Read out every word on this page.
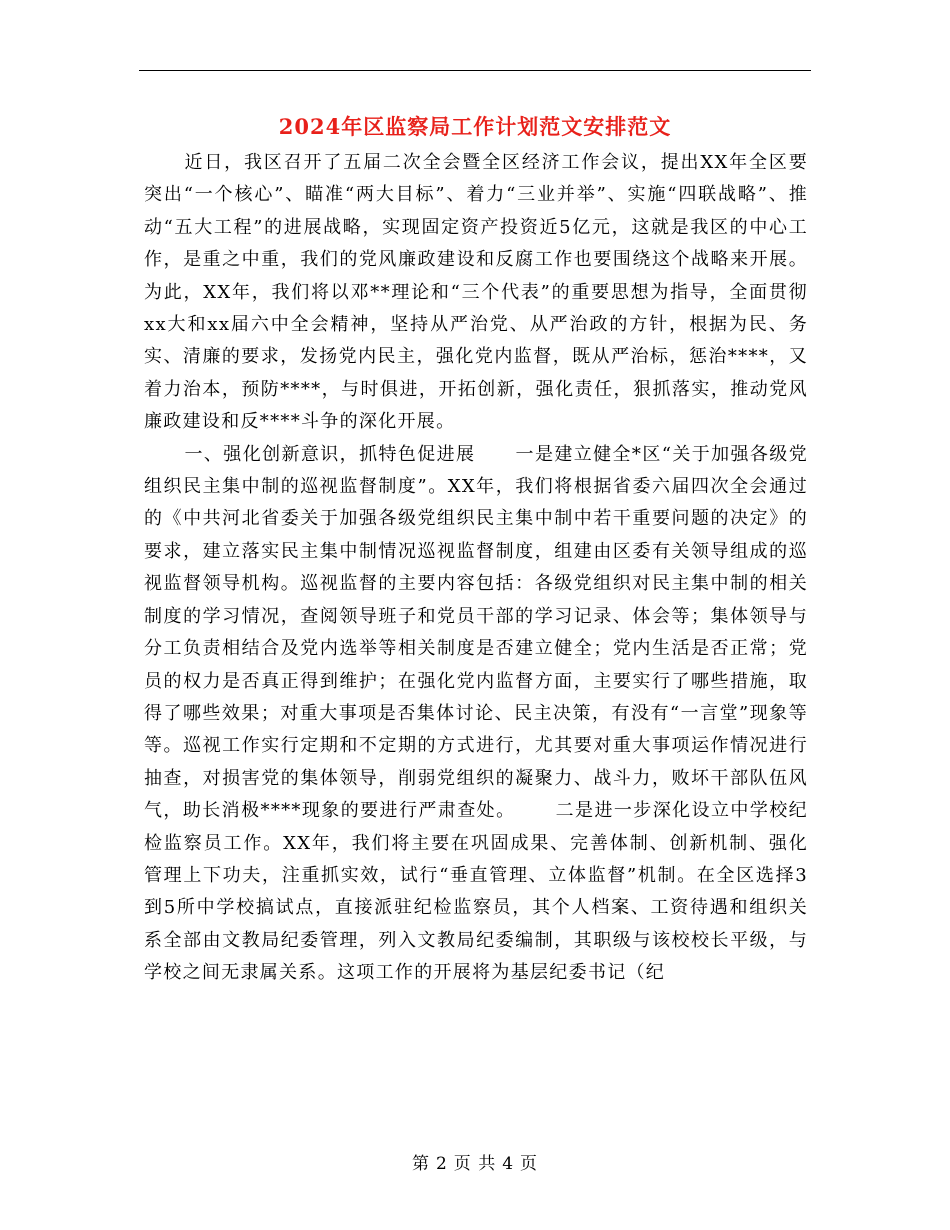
2024年区监察局工作计划范文安排范文

近日，我区召开了五届二次全会暨全区经济工作会议，提出XX年全区要突出“一个核心”、瞄准“两大目标”、着力“三业并举”、实施“四联战略”、推动“五大工程”的进展战略，实现固定资产投资近5亿元，这就是我区的中心工作，是重之中重，我们的党风廉政建设和反腐工作也要围绕这个战略来开展。为此，XX年，我们将以邓**理论和“三个代表”的重要思想为指导，全面贯彻xx大和xx届六中全会精神，坚持从严治党、从严治政的方针，根据为民、务实、清廉的要求，发扬党内民主，强化党内监督，既从严治标，惩治****，又着力治本，预防****，与时俱进，开拓创新，强化责任，狠抓落实，推动党风廉政建设和反****斗争的深化开展。

一、强化创新意识，抓特色促进展 一是建立健全*区“关于加强各级党组织民主集中制的巡视监督制度”。XX年，我们将根据省委六届四次全会通过的《中共河北省委关于加强各级党组织民主集中制中若干重要问题的决定》的要求，建立落实民主集中制情况巡视监督制度，组建由区委有关领导组成的巡视监督领导机构。巡视监督的主要内容包括：各级党组织对民主集中制的相关制度的学习情况，查阅领导班子和党员干部的学习记录、体会等；集体领导与分工负责相结合及党内选举等相关制度是否建立健全；党内生活是否正常；党员的权力是否真正得到维护；在强化党内监督方面，主要实行了哪些措施，取得了哪些效果；对重大事项是否集体讨论、民主决策，有没有“一言堂”现象等等。巡视工作实行定期和不定期的方式进行，尤其要对重大事项运作情况进行抽查，对损害党的集体领导，削弱党组织的凝聚力、战斗力，败坏干部队伍风气，助长消极****现象的要进行严肃查处。 二是进一步深化设立中学校纪检监察员工作。XX年，我们将主要在巩固成果、完善体制、创新机制、强化管理上下功夫，注重抓实效，试行“垂直管理、立体监督”机制。在全区选择3到5所中学校搞试点，直接派驻纪检监察员，其个人档案、工资待遇和组织关系全部由文教局纪委管理，列入文教局纪委编制，其职级与该校校长平级，与学校之间无隶属关系。这项工作的开展将为基层纪委书记（纪

第 2 页 共 4 页
